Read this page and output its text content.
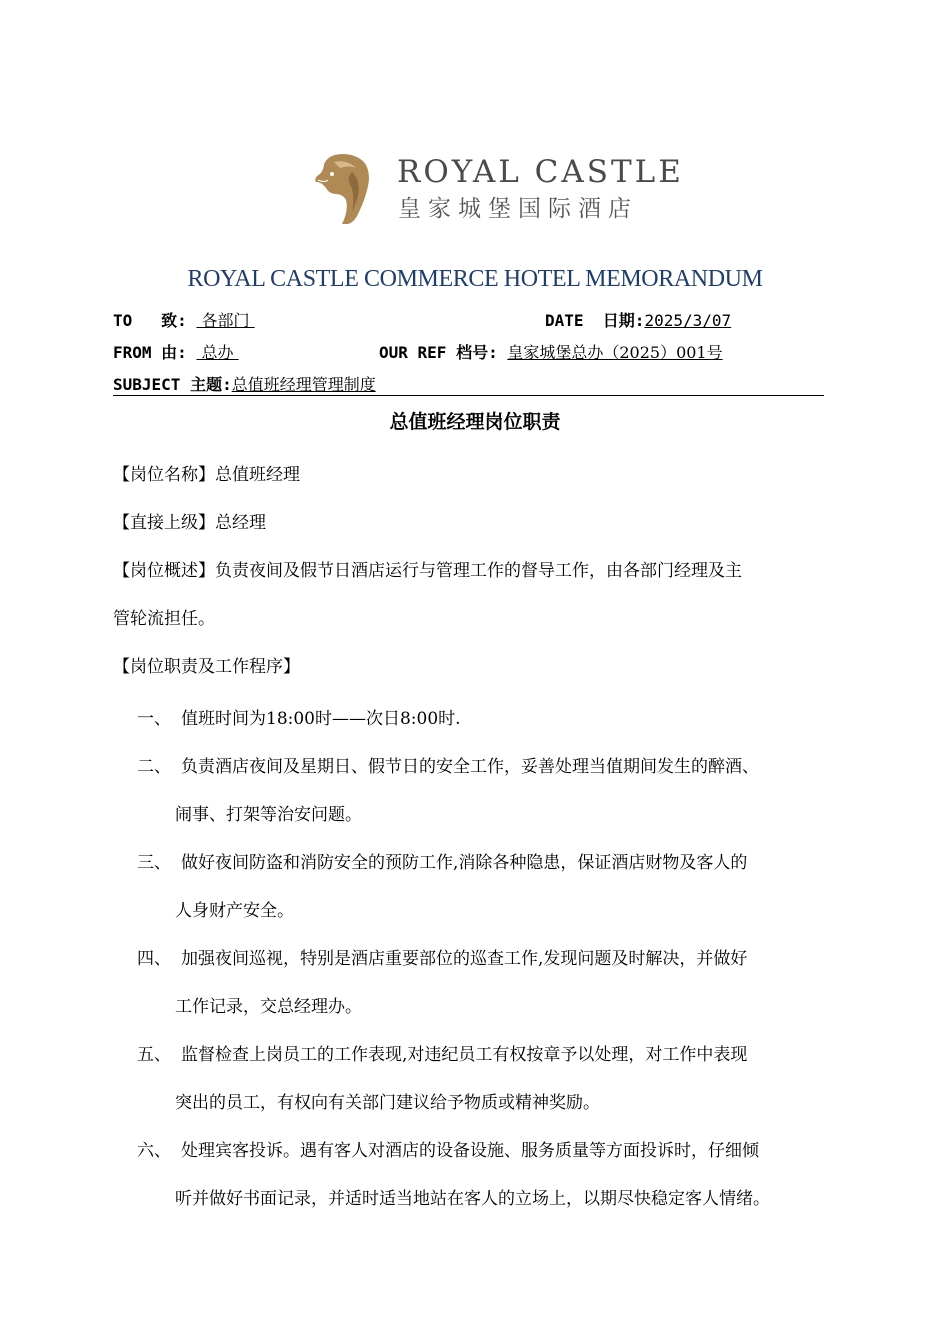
ROYAL CASTLE
皇家城堡国际酒店
ROYAL CASTLE COMMERCE HOTEL MEMORANDUM
TO   致:  各部门	DATE  日期:2025/3/07
FROM 由:  总办	OUR REF 档号: 皇家城堡总办（2025）001号
SUBJECT 主题:总值班经理管理制度
总值班经理岗位职责
【岗位名称】总值班经理
【直接上级】总经理
【岗位概述】负责夜间及假节日酒店运行与管理工作的督导工作，由各部门经理及主
管轮流担任。
【岗位职责及工作程序】
一、 值班时间为18:00时——次日8:00时.
二、 负责酒店夜间及星期日、假节日的安全工作，妥善处理当值期间发生的醉酒、
闹事、打架等治安问题。
三、 做好夜间防盗和消防安全的预防工作,消除各种隐患，保证酒店财物及客人的
人身财产安全。
四、 加强夜间巡视，特别是酒店重要部位的巡查工作,发现问题及时解决，并做好
工作记录，交总经理办。
五、 监督检查上岗员工的工作表现,对违纪员工有权按章予以处理，对工作中表现
突出的员工，有权向有关部门建议给予物质或精神奖励。
六、 处理宾客投诉。遇有客人对酒店的设备设施、服务质量等方面投诉时，仔细倾
听并做好书面记录，并适时适当地站在客人的立场上，以期尽快稳定客人情绪。
